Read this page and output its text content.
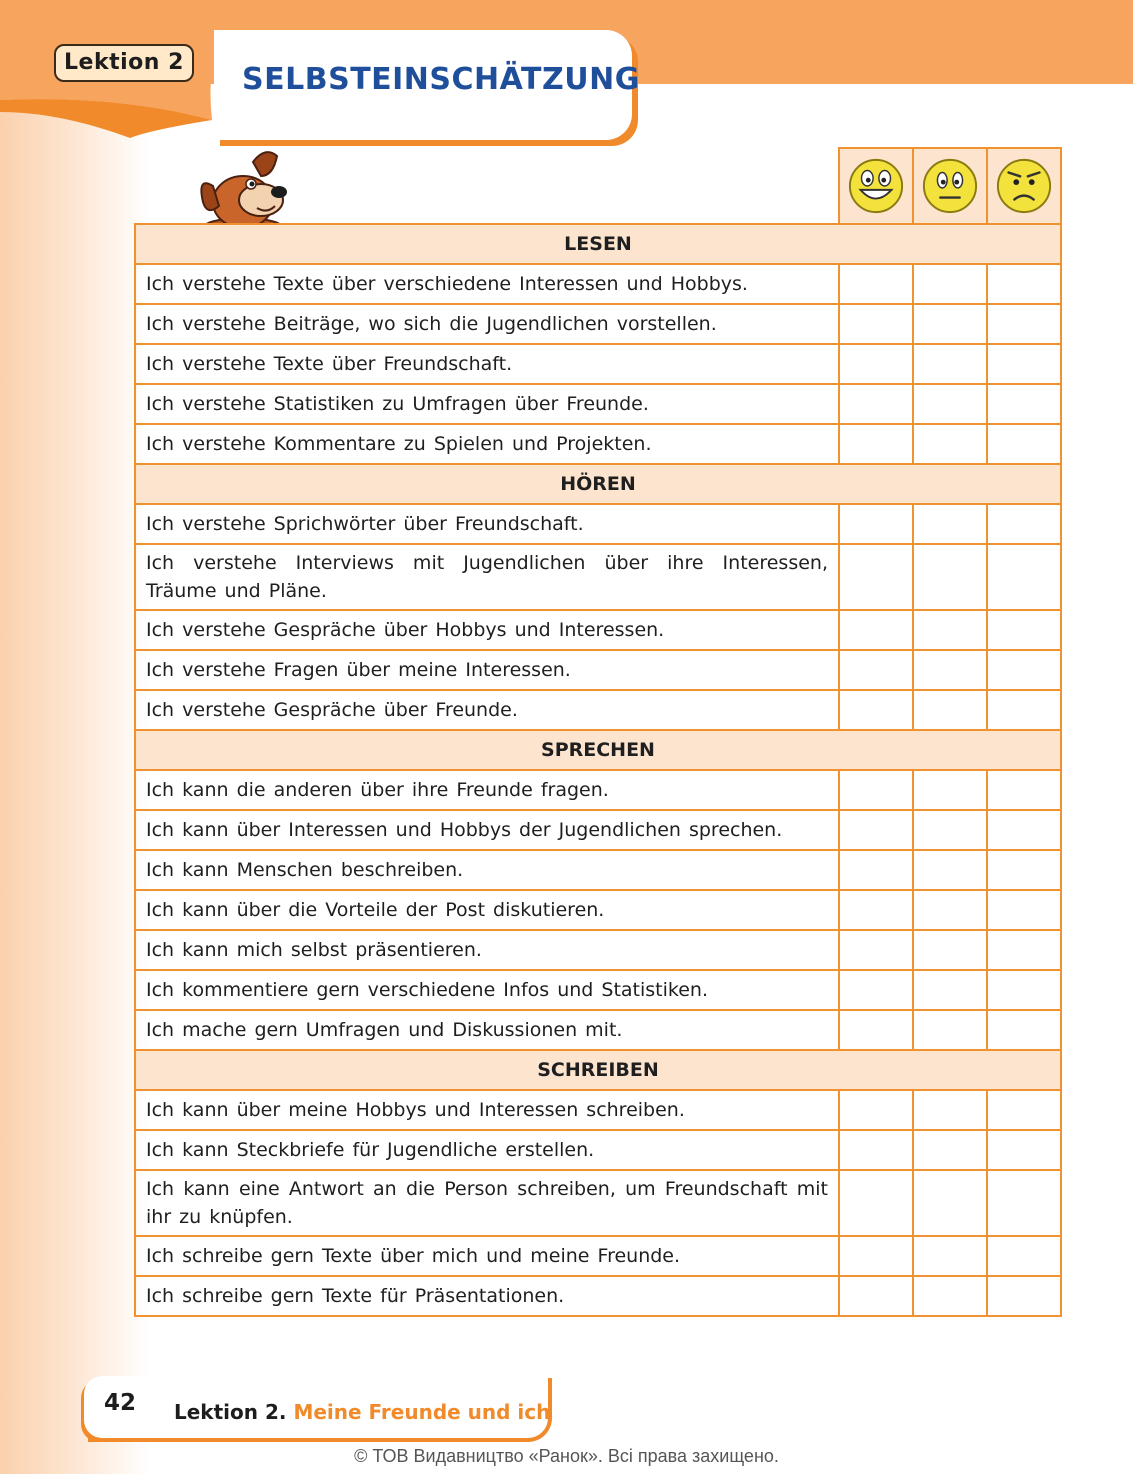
Lektion 2	SELBSTEINSCHÄTZUNG

LESEN			
Ich verstehe Texte über verschiedene Interessen und Hobbys.			
Ich verstehe Beiträge, wo sich die Jugendlichen vorstellen.			
Ich verstehe Texte über Freundschaft.			
Ich verstehe Statistiken zu Umfragen über Freunde.			
Ich verstehe Kommentare zu Spielen und Projekten.			
HÖREN			
Ich verstehe Sprichwörter über Freundschaft.			
Ich verstehe Interviews mit Jugendlichen über ihre Interessen, Träume und Pläne.			
Ich verstehe Gespräche über Hobbys und Interessen.			
Ich verstehe Fragen über meine Interessen.			
Ich verstehe Gespräche über Freunde.			
SPRECHEN			
Ich kann die anderen über ihre Freunde fragen.			
Ich kann über Interessen und Hobbys der Jugendlichen sprechen.			
Ich kann Menschen beschreiben.			
Ich kann über die Vorteile der Post diskutieren.			
Ich kann mich selbst präsentieren.			
Ich kommentiere gern verschiedene Infos und Statistiken.			
Ich mache gern Umfragen und Diskussionen mit.			
SCHREIBEN			
Ich kann über meine Hobbys und Interessen schreiben.			
Ich kann Steckbriefe für Jugendliche erstellen.			
Ich kann eine Antwort an die Person schreiben, um Freundschaft mit ihr zu knüpfen.			
Ich schreibe gern Texte über mich und meine Freunde.			
Ich schreibe gern Texte für Präsentationen.			
42 Lektion 2. Meine Freunde und ich
© ТОВ Видавництво «Ранок». Всі права захищено.
